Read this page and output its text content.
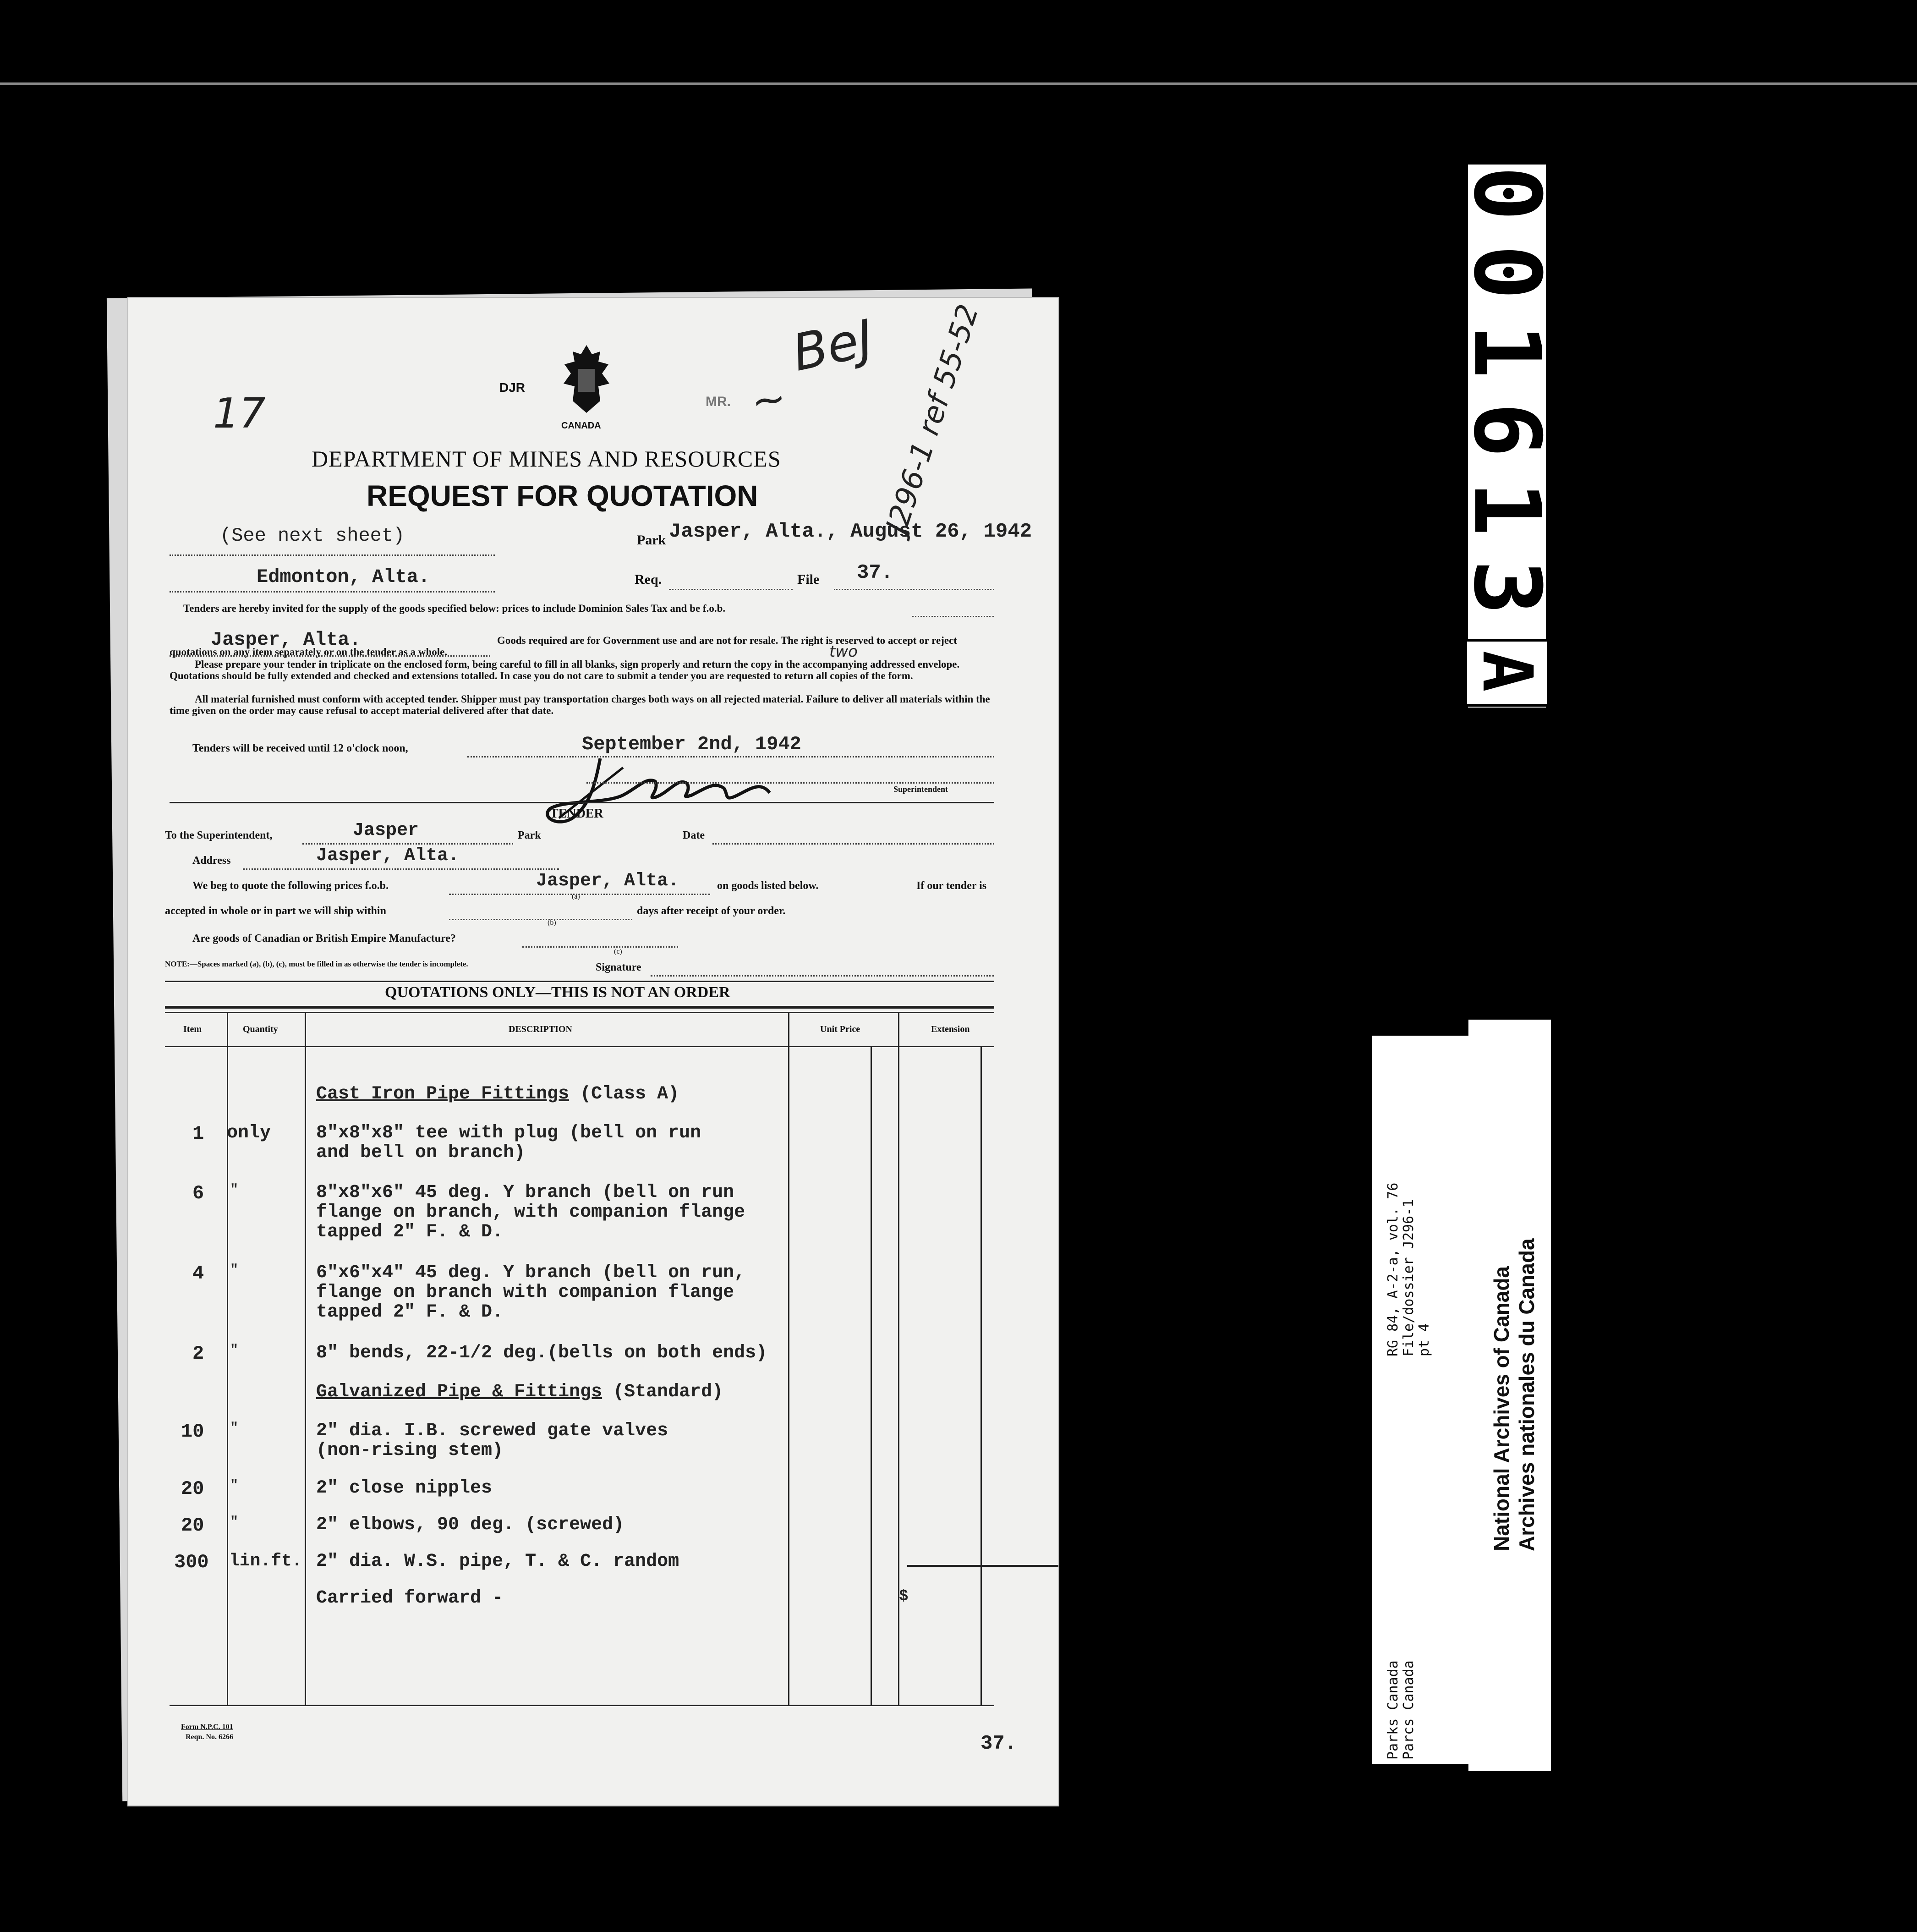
17
DJR
CANADA
MR. ~
BeJ J296-1 ref 55-52
DEPARTMENT OF MINES AND RESOURCES
REQUEST FOR QUOTATION
(See next sheet)	Park Jasper, Alta., August 26, 1942
Edmonton, Alta.	Req.	File 37.
Tenders are hereby invited for the supply of the goods specified below: prices to include Dominion Sales Tax and be f.o.b.
Jasper, Alta.
two
Goods required are for Government use and are not for resale. The right is reserved to accept or reject quotations on any item separately or on the tender as a whole.
Please prepare your tender in triplicate on the enclosed form, being careful to fill in all blanks, sign properly and return the copy in the accompanying addressed envelope. Quotations should be fully extended and checked and extensions totalled. In case you do not care to submit a tender you are requested to return all copies of the form.
All material furnished must conform with accepted tender. Shipper must pay transportation charges both ways on all rejected material. Failure to deliver all materials within the time given on the order may cause refusal to accept material delivered after that date.
Tenders will be received until 12 o'clock noon,	September 2nd, 1942
Superintendent
TENDER
To the Superintendent,	Jasper	Park	Date
Address	Jasper, Alta.
We beg to quote the following prices f.o.b.	Jasper, Alta.	on goods listed below.	If our tender is
(a)
accepted in whole or in part we will ship within	days after receipt of your order.
(b)
Are goods of Canadian or British Empire Manufacture?
(c)
NOTE:—Spaces marked (a), (b), (c), must be filled in as otherwise the tender is incomplete.	Signature
QUOTATIONS ONLY—THIS IS NOT AN ORDER
Item	Quantity	DESCRIPTION	Unit Price	Extension
Cast Iron Pipe Fittings (Class A)
1 only 8"x8"x8" tee with plug (bell on run
and bell on branch)
6 "	8"x8"x6" 45 deg. Y branch (bell on run
flange on branch, with companion flange
tapped 2" F. & D.
4 "	6"x6"x4" 45 deg. Y branch (bell on run,
flange on branch with companion flange
tapped 2" F. & D.
2 "	8" bends, 22-1/2 deg.(bells on both ends)
Galvanized Pipe & Fittings (Standard)
10 "	2" dia. I.B. screwed gate valves
(non-rising stem)
20 "	2" close nipples
20 "	2" elbows, 90 deg. (screwed)
300 lin.ft. 2" dia. W.S. pipe, T. & C. random
Carried forward -	$
Form N.P.C. 101
Reqn. No. 6266	37.
0
0
1
6
1
3
A
RG 84, A-2-a, vol. 76 File/dossier J296-1 pt 4
Parks Canada Parcs Canada
National Archives of Canada Archives nationales du Canada
